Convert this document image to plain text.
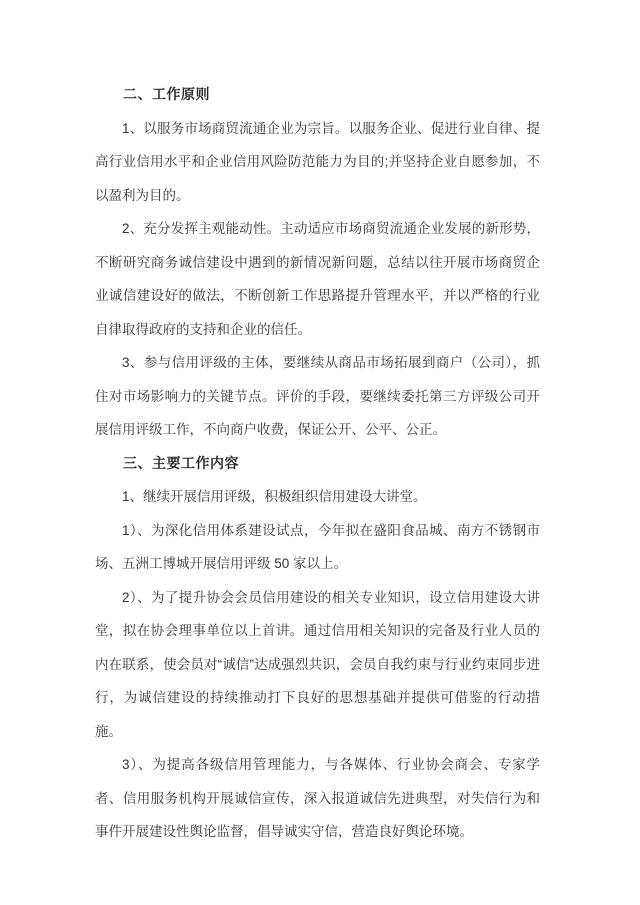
二、工作原则

1、以服务市场商贸流通企业为宗旨。以服务企业、促进行业自律、提高行业信用水平和企业信用风险防范能力为目的;并坚持企业自愿参加，不以盈利为目的。

2、充分发挥主观能动性。主动适应市场商贸流通企业发展的新形势，不断研究商务诚信建设中遇到的新情况新问题，总结以往开展市场商贸企业诚信建设好的做法，不断创新工作思路提升管理水平，并以严格的行业自律取得政府的支持和企业的信任。

3、参与信用评级的主体，要继续从商品市场拓展到商户（公司），抓住对市场影响力的关键节点。评价的手段，要继续委托第三方评级公司开展信用评级工作，不向商户收费，保证公开、公平、公正。

三、主要工作内容

1、继续开展信用评级，积极组织信用建设大讲堂。

1）、为深化信用体系建设试点，今年拟在盛阳食品城、南方不锈钢市场、五洲工博城开展信用评级 50 家以上。

2）、为了提升协会会员信用建设的相关专业知识，设立信用建设大讲堂，拟在协会理事单位以上首讲。通过信用相关知识的完备及行业人员的内在联系，使会员对“诚信”达成强烈共识，会员自我约束与行业约束同步进行，为诚信建设的持续推动打下良好的思想基础并提供可借鉴的行动措施。

3）、为提高各级信用管理能力，与各媒体、行业协会商会、专家学者、信用服务机构开展诚信宣传，深入报道诚信先进典型，对失信行为和事件开展建设性舆论监督，倡导诚实守信，营造良好舆论环境。
